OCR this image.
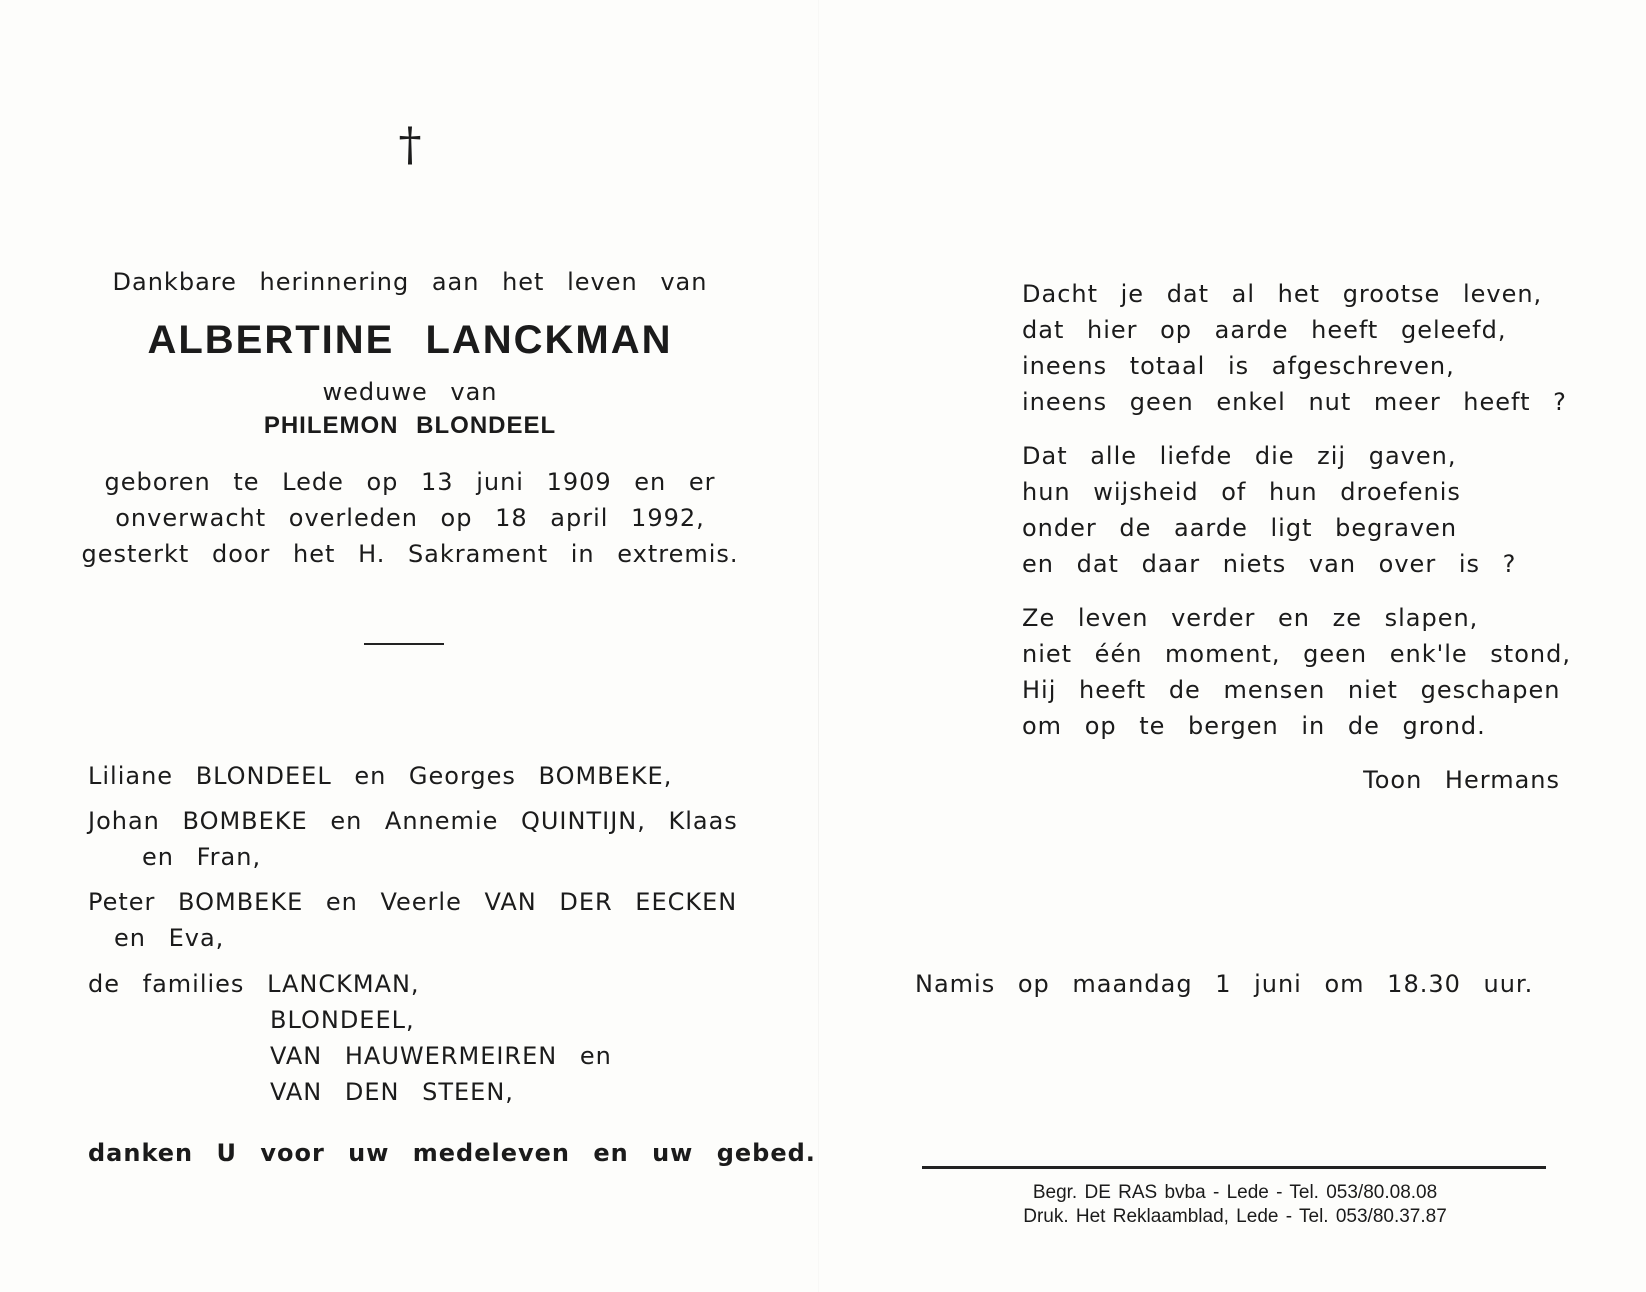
†
Dankbare herinnering aan het leven van
ALBERTINE LANCKMAN
weduwe van
PHILEMON BLONDEEL
geboren te Lede op 13 juni 1909 en er
onverwacht overleden op 18 april 1992,
gesterkt door het H. Sakrament in extremis.
Liliane BLONDEEL en Georges BOMBEKE,
Johan BOMBEKE en Annemie QUINTIJN, Klaas
en Fran,
Peter BOMBEKE en Veerle VAN DER EECKEN
en Eva,
de families LANCKMAN,
BLONDEEL,
VAN HAUWERMEIREN en
VAN DEN STEEN,
danken U voor uw medeleven en uw gebed.
Dacht je dat al het grootse leven,
dat hier op aarde heeft geleefd,
ineens totaal is afgeschreven,
ineens geen enkel nut meer heeft ?
Dat alle liefde die zij gaven,
hun wijsheid of hun droefenis
onder de aarde ligt begraven
en dat daar niets van over is ?
Ze leven verder en ze slapen,
niet één moment, geen enk'le stond,
Hij heeft de mensen niet geschapen
om op te bergen in de grond.
Toon Hermans
Namis op maandag 1 juni om 18.30 uur.
Begr. DE RAS bvba - Lede - Tel. 053/80.08.08
Druk. Het Reklaamblad, Lede - Tel. 053/80.37.87
